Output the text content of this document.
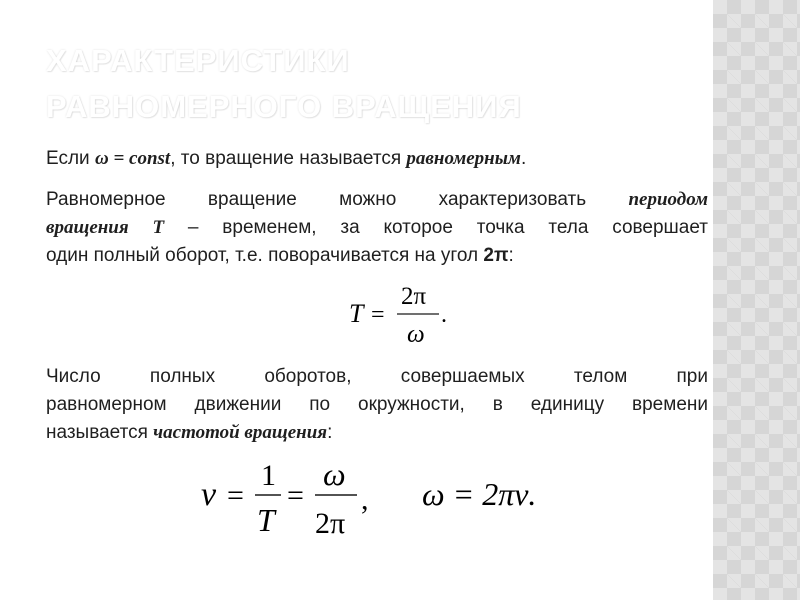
ХАРАКТЕРИСТИКИ
РАВНОМЕРНОГО ВРАЩЕНИЯ
Если ω = const, то вращение называется равномерным.
Равномерное вращение можно характеризовать периодом
вращения T – временем, за которое точка тела совершает
один полный оборот, т.е. поворачивается на угол 2π:
T =
2π
ω
.
Число полных оборотов, совершаемых телом при
равномерном движении по окружности, в единицу времени
называется частотой вращения:
ν =
1
T
=
ω
2π
, ω = 2πν.
